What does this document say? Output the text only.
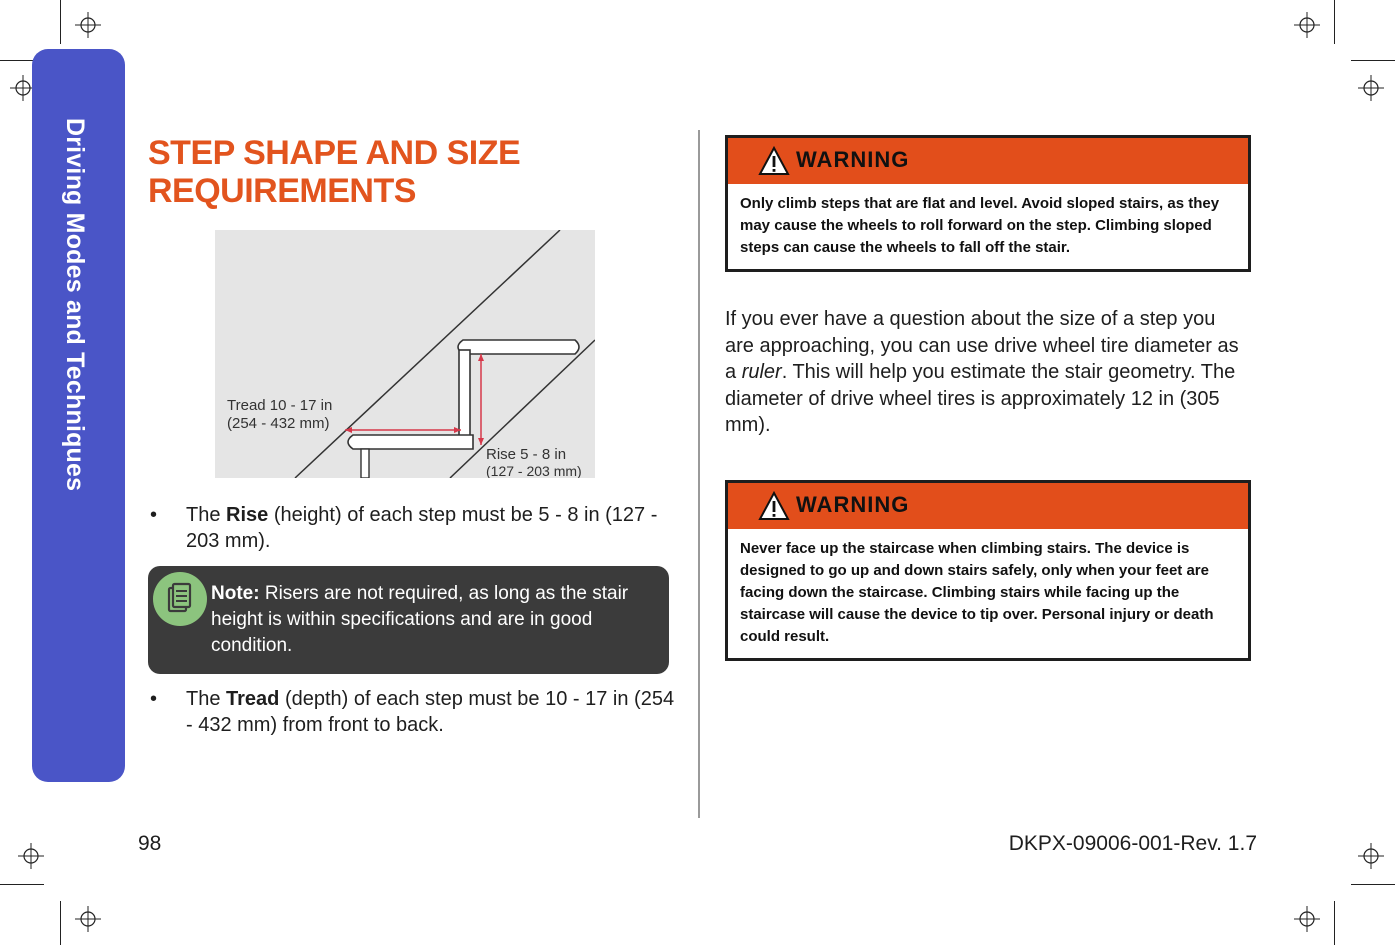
Driving Modes and Techniques STEP SHAPE AND SIZE
REQUIREMENTS
Tread 10 - 17 in
(254 - 432 mm)
Rise 5 - 8 in
(127 - 203 mm)
•	The Rise (height) of each step must be 5 - 8 in (127 - 203 mm).
Note: Risers are not required, as long as the stair height is within specifications and are in good condition.
•	The Tread (depth) of each step must be 10 - 17 in (254 - 432 mm) from front to back.
WARNING
Only climb steps that are flat and level. Avoid sloped stairs, as they may cause the wheels to roll forward on the step. Climbing sloped steps can cause the wheels to fall off the stair.
If you ever have a question about the size of a step you are approaching, you can use drive wheel tire diameter as a ruler. This will help you estimate the stair geometry. The diameter of drive wheel tires is approximately 12 in (305 mm).
WARNING
Never face up the staircase when climbing stairs. The device is designed to go up and down stairs safely, only when your feet are facing down the staircase. Climbing stairs while facing up the staircase will cause the device to tip over. Personal injury or death could result.
98	DKPX-09006-001-Rev. 1.7
